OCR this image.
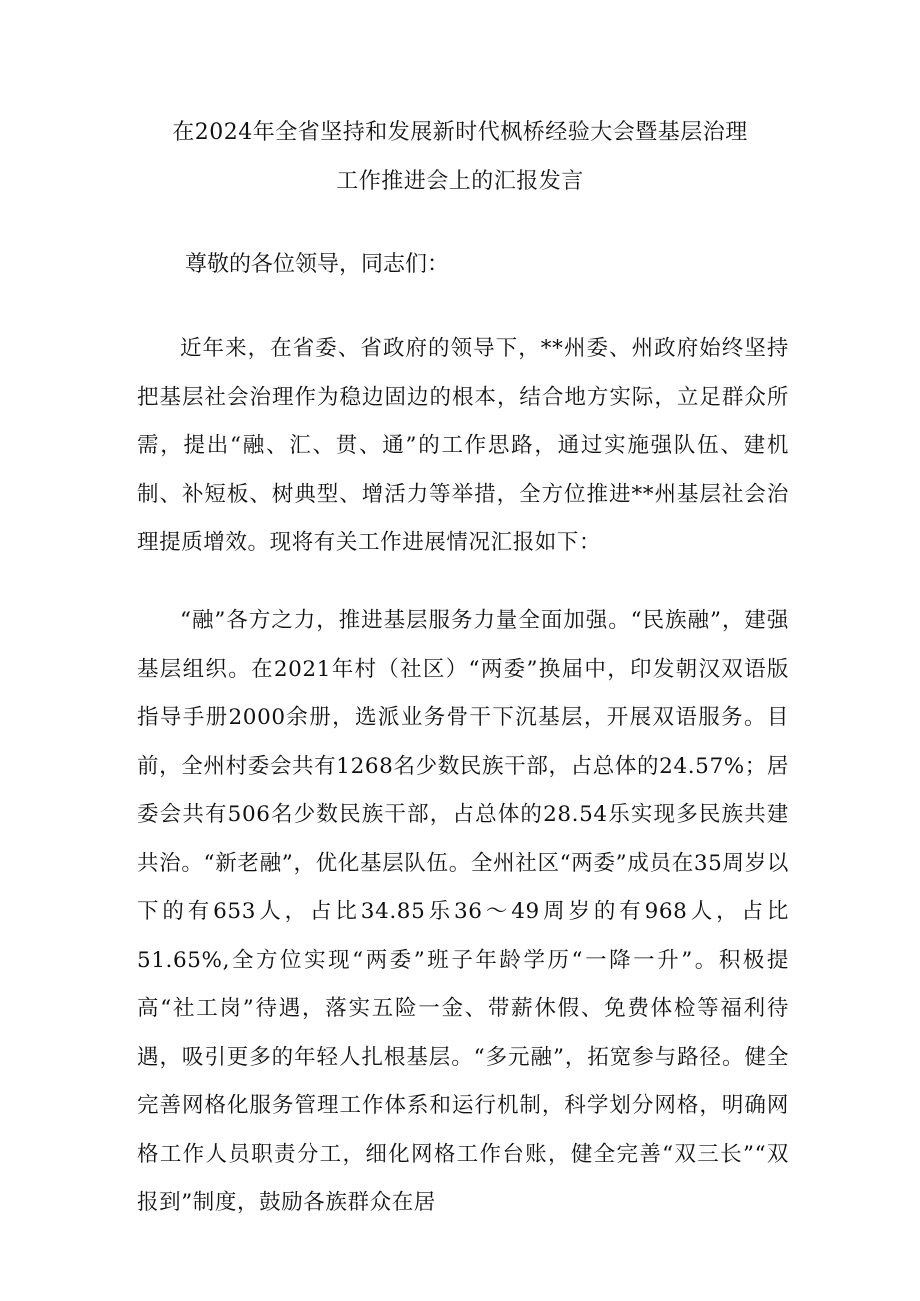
在2024年全省坚持和发展新时代枫桥经验大会暨基层治理
工作推进会上的汇报发言
尊敬的各位领导，同志们：

近年来，在省委、省政府的领导下，**州委、州政府始终坚持把基层社会治理作为稳边固边的根本，结合地方实际，立足群众所需，提出“融、汇、贯、通”的工作思路，通过实施强队伍、建机制、补短板、树典型、增活力等举措，全方位推进**州基层社会治理提质增效。现将有关工作进展情况汇报如下：

“融”各方之力，推进基层服务力量全面加强。“民族融”，建强基层组织。在2021年村（社区）“两委”换届中，印发朝汉双语版指导手册2000余册，选派业务骨干下沉基层，开展双语服务。目前，全州村委会共有1268名少数民族干部，占总体的24.57%；居委会共有506名少数民族干部，占总体的28.54乐实现多民族共建共治。“新老融”，优化基层队伍。全州社区“两委”成员在35周岁以下的有653人，占比34.85乐36～49周岁的有968人，占比51.65%,全方位实现“两委”班子年龄学历“一降一升”。积极提高“社工岗”待遇，落实五险一金、带薪休假、免费体检等福利待遇，吸引更多的年轻人扎根基层。“多元融”，拓宽参与路径。健全完善网格化服务管理工作体系和运行机制，科学划分网格，明确网格工作人员职责分工，细化网格工作台账，健全完善“双三长”“双报到”制度，鼓励各族群众在居
